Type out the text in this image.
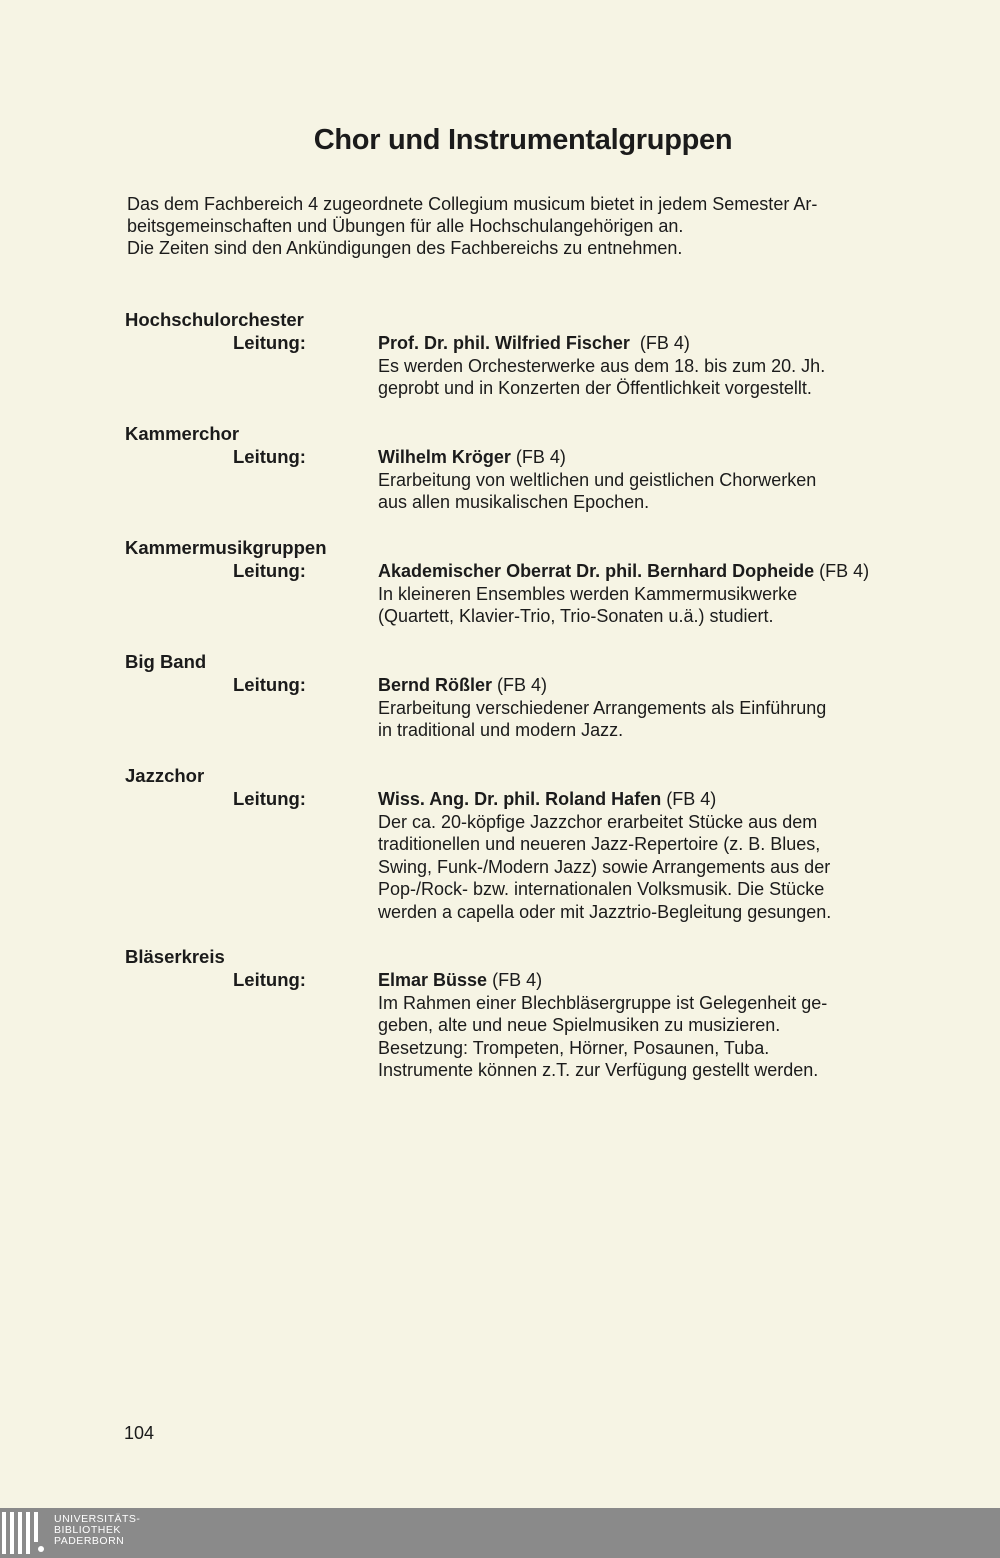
Chor und Instrumentalgruppen

Das dem Fachbereich 4 zugeordnete Collegium musicum bietet in jedem Semester Ar-

beitsgemeinschaften und Übungen für alle Hochschulangehörigen an.

Die Zeiten sind den Ankündigungen des Fachbereichs zu entnehmen.

Hochschulorchester
Leitung:	Prof. Dr. phil. Wilfried Fischer (FB 4)

Es werden Orchesterwerke aus dem 18. bis zum 20. Jh.

geprobt und in Konzerten der Öffentlichkeit vorgestellt.

Kammerchor
Leitung:	Wilhelm Kröger (FB 4)

Erarbeitung von weltlichen und geistlichen Chorwerken

aus allen musikalischen Epochen.

Kammermusikgruppen
Leitung:	Akademischer Oberrat Dr. phil. Bernhard Dopheide (FB 4)

In kleineren Ensembles werden Kammermusikwerke

(Quartett, Klavier-Trio, Trio-Sonaten u.ä.) studiert.

Big Band
Leitung:	Bernd Rößler (FB 4)

Erarbeitung verschiedener Arrangements als Einführung

in traditional und modern Jazz.

Jazzchor
Leitung:	Wiss. Ang. Dr. phil. Roland Hafen (FB 4)

Der ca. 20-köpfige Jazzchor erarbeitet Stücke aus dem

traditionellen und neueren Jazz-Repertoire (z. B. Blues,

Swing, Funk-/Modern Jazz) sowie Arrangements aus der

Pop-/Rock- bzw. internationalen Volksmusik. Die Stücke

werden a capella oder mit Jazztrio-Begleitung gesungen.

Bläserkreis
Leitung:	Elmar Büsse (FB 4)

Im Rahmen einer Blechbläsergruppe ist Gelegenheit ge-

geben, alte und neue Spielmusiken zu musizieren.

Besetzung: Trompeten, Hörner, Posaunen, Tuba.

Instrumente können z.T. zur Verfügung gestellt werden.

104
UNIVERSITÄTS-
BIBLIOTHEK
PADERBORN
